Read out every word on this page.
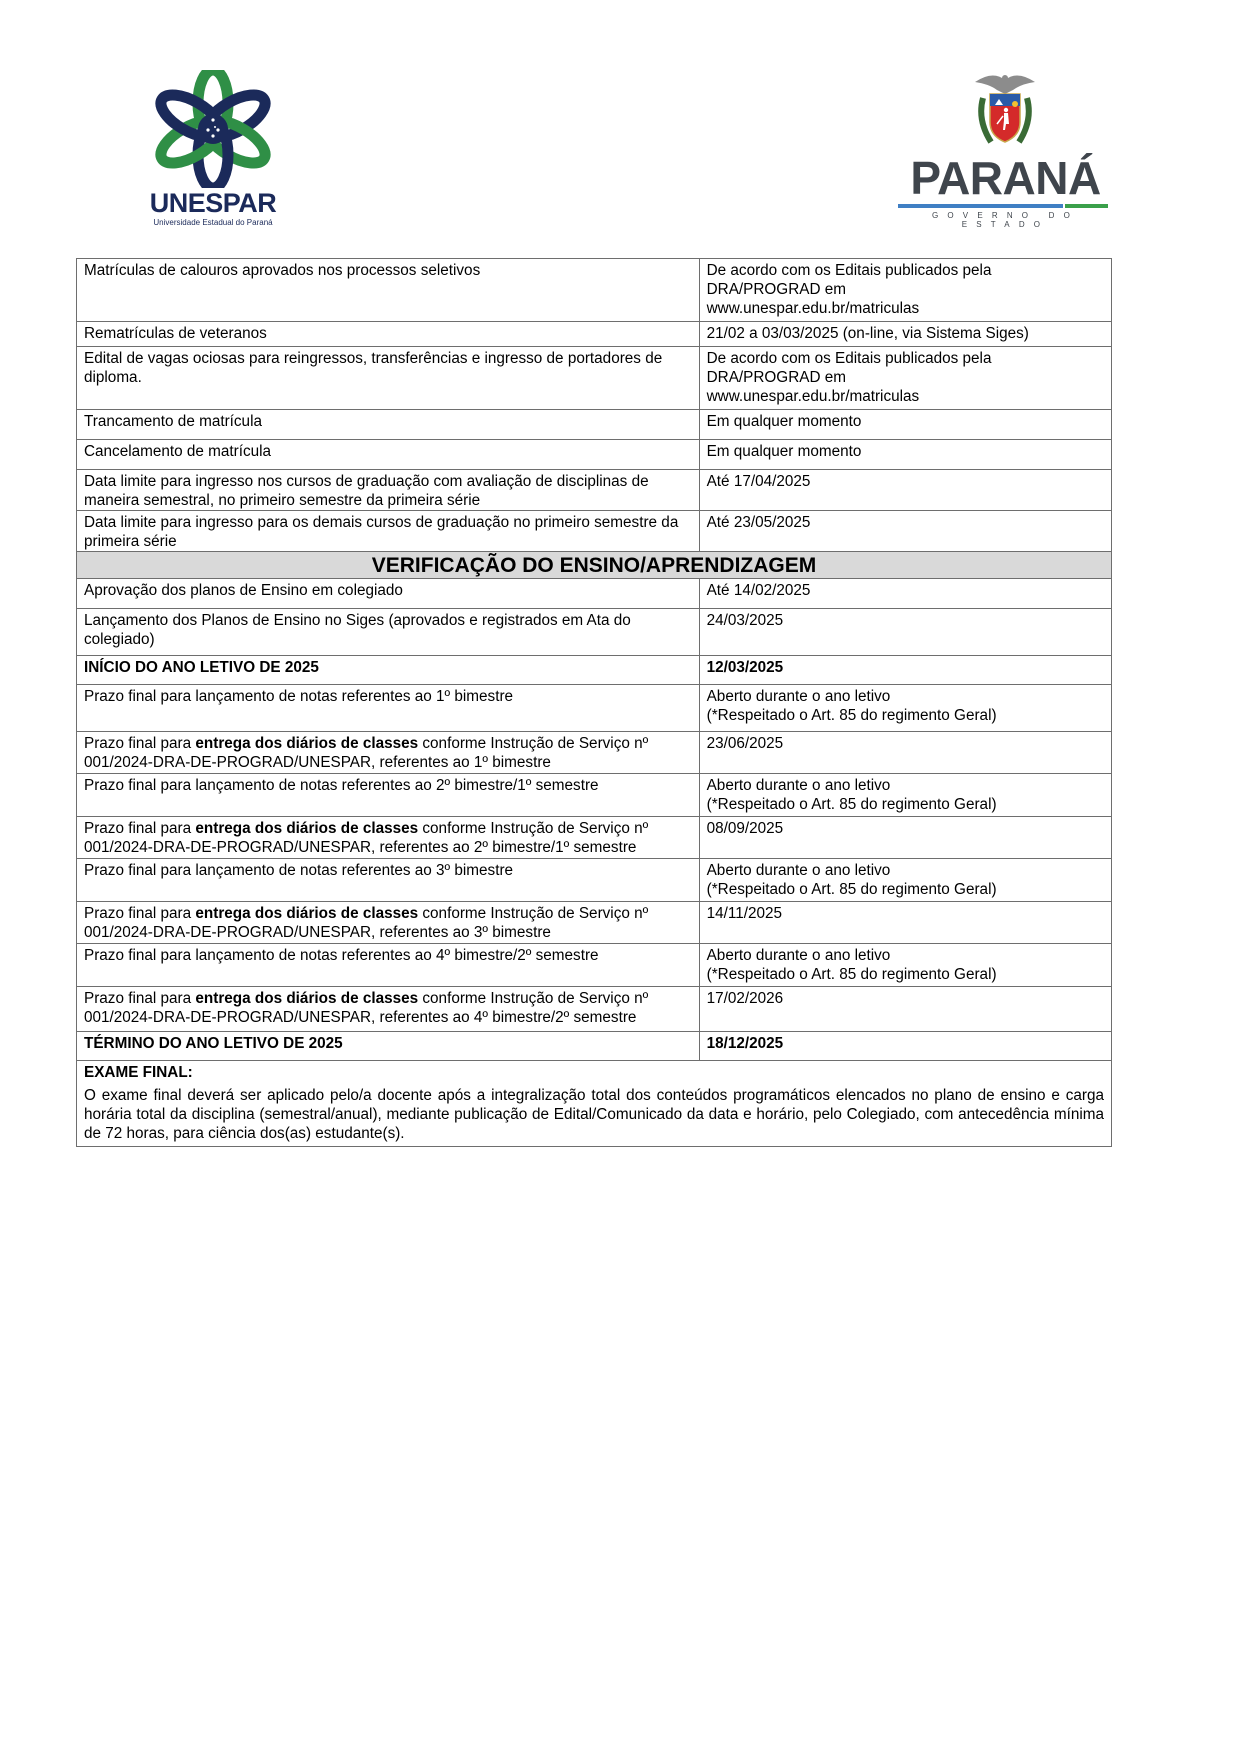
UNESPAR
Universidade Estadual do Paraná
PARANÁ
GOVERNO DO ESTADO
Matrículas de calouros aprovados nos processos seletivos	De acordo com os Editais publicados pela
DRA/PROGRAD em
www.unespar.edu.br/matriculas

Rematrículas de veteranos	21/02 a 03/03/2025 (on-line, via Sistema Siges)

Edital de vagas ociosas para reingressos, transferências e ingresso de portadores de diploma.	De acordo com os Editais publicados pela
DRA/PROGRAD em
www.unespar.edu.br/matriculas

Trancamento de matrícula	Em qualquer momento

Cancelamento de matrícula	Em qualquer momento

Data limite para ingresso nos cursos de graduação com avaliação de disciplinas de maneira semestral, no primeiro semestre da primeira série	Até 17/04/2025

Data limite para ingresso para os demais cursos de graduação no primeiro semestre da primeira série	Até 23/05/2025

VERIFICAÇÃO DO ENSINO/APRENDIZAGEM	
Aprovação dos planos de Ensino em colegiado	Até 14/02/2025
Lançamento dos Planos de Ensino no Siges (aprovados e registrados em Ata do colegiado)	24/03/2025
INÍCIO DO ANO LETIVO DE 2025	12/03/2025
Prazo final para lançamento de notas referentes ao 1º bimestre	Aberto durante o ano letivo
(*Respeitado o Art. 85 do regimento Geral)

Prazo final para entrega dos diários de classes conforme Instrução de Serviço nº 001/2024-DRA-DE-PROGRAD/UNESPAR, referentes ao 1º bimestre	23/06/2025
Prazo final para lançamento de notas referentes ao 2º bimestre/1º semestre	Aberto durante o ano letivo
(*Respeitado o Art. 85 do regimento Geral)

Prazo final para entrega dos diários de classes conforme Instrução de Serviço nº 001/2024-DRA-DE-PROGRAD/UNESPAR, referentes ao 2º bimestre/1º semestre	08/09/2025
Prazo final para lançamento de notas referentes ao 3º bimestre	Aberto durante o ano letivo
(*Respeitado o Art. 85 do regimento Geral)

Prazo final para entrega dos diários de classes conforme Instrução de Serviço nº 001/2024-DRA-DE-PROGRAD/UNESPAR, referentes ao 3º bimestre	14/11/2025
Prazo final para lançamento de notas referentes ao 4º bimestre/2º semestre	Aberto durante o ano letivo
(*Respeitado o Art. 85 do regimento Geral)

Prazo final para entrega dos diários de classes conforme Instrução de Serviço nº 001/2024-DRA-DE-PROGRAD/UNESPAR, referentes ao 4º bimestre/2º semestre	17/02/2026
TÉRMINO DO ANO LETIVO DE 2025	18/12/2025

EXAME FINAL:
O exame final deverá ser aplicado pelo/a docente após a integralização total dos conteúdos programáticos elencados no plano de ensino e carga horária total da disciplina (semestral/anual), mediante publicação de Edital/Comunicado da data e horário, pelo Colegiado, com antecedência mínima de 72 horas, para ciência dos(as) estudante(s).	
